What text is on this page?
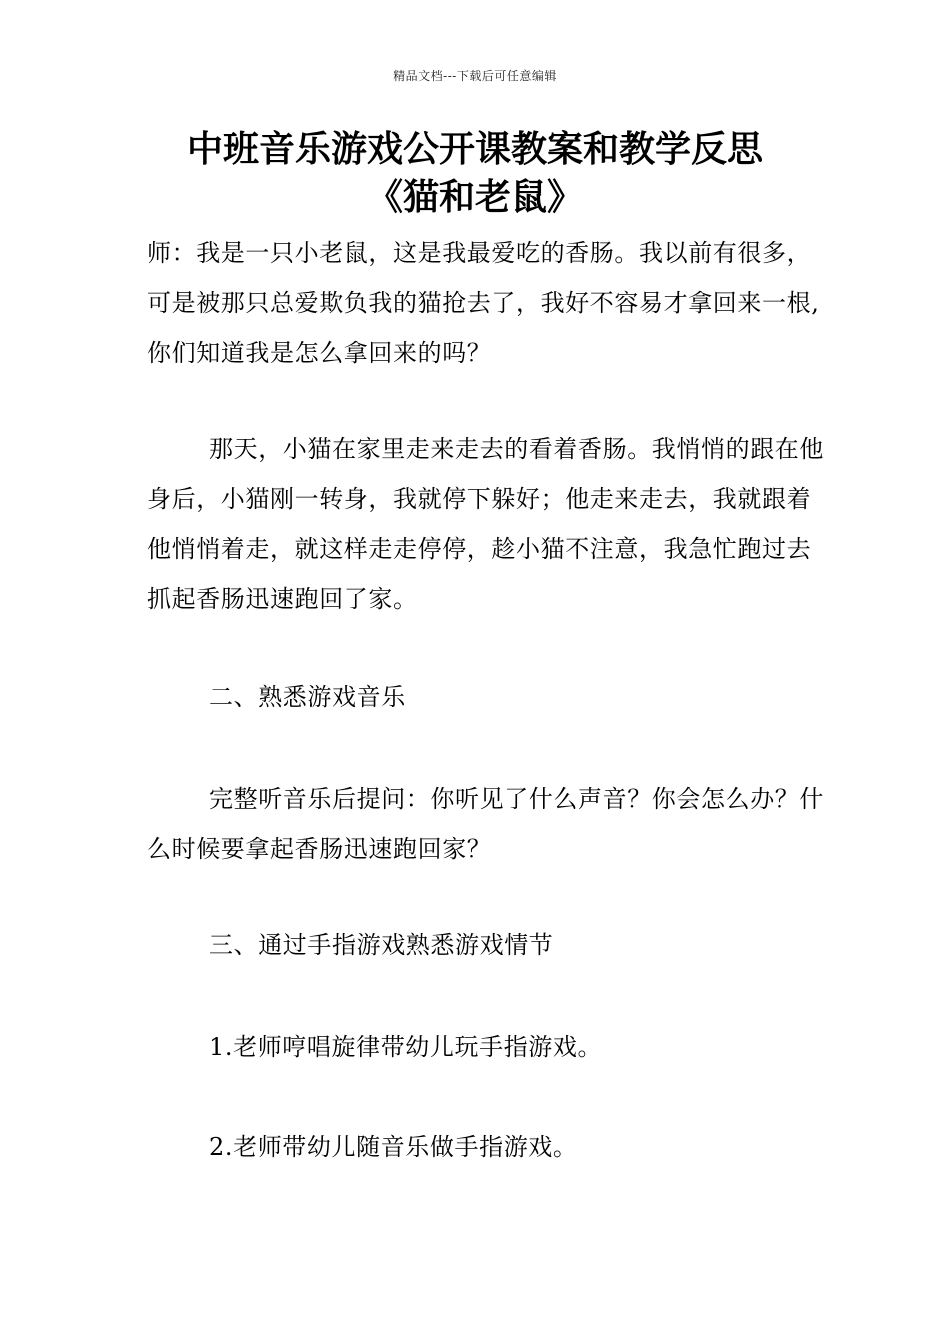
精品文档---下载后可任意编辑
中班音乐游戏公开课教案和教学反思
《猫和老鼠》

师：我是一只小老鼠，这是我最爱吃的香肠。我以前有很多，可是被那只总爱欺负我的猫抢去了，我好不容易才拿回来一根,你们知道我是怎么拿回来的吗？

那天，小猫在家里走来走去的看着香肠。我悄悄的跟在他身后，小猫刚一转身，我就停下躲好；他走来走去，我就跟着他悄悄着走，就这样走走停停，趁小猫不注意，我急忙跑过去抓起香肠迅速跑回了家。

二、熟悉游戏音乐

完整听音乐后提问：你听见了什么声音？你会怎么办？什么时候要拿起香肠迅速跑回家？

三、通过手指游戏熟悉游戏情节

1.老师哼唱旋律带幼儿玩手指游戏。

2.老师带幼儿随音乐做手指游戏。
